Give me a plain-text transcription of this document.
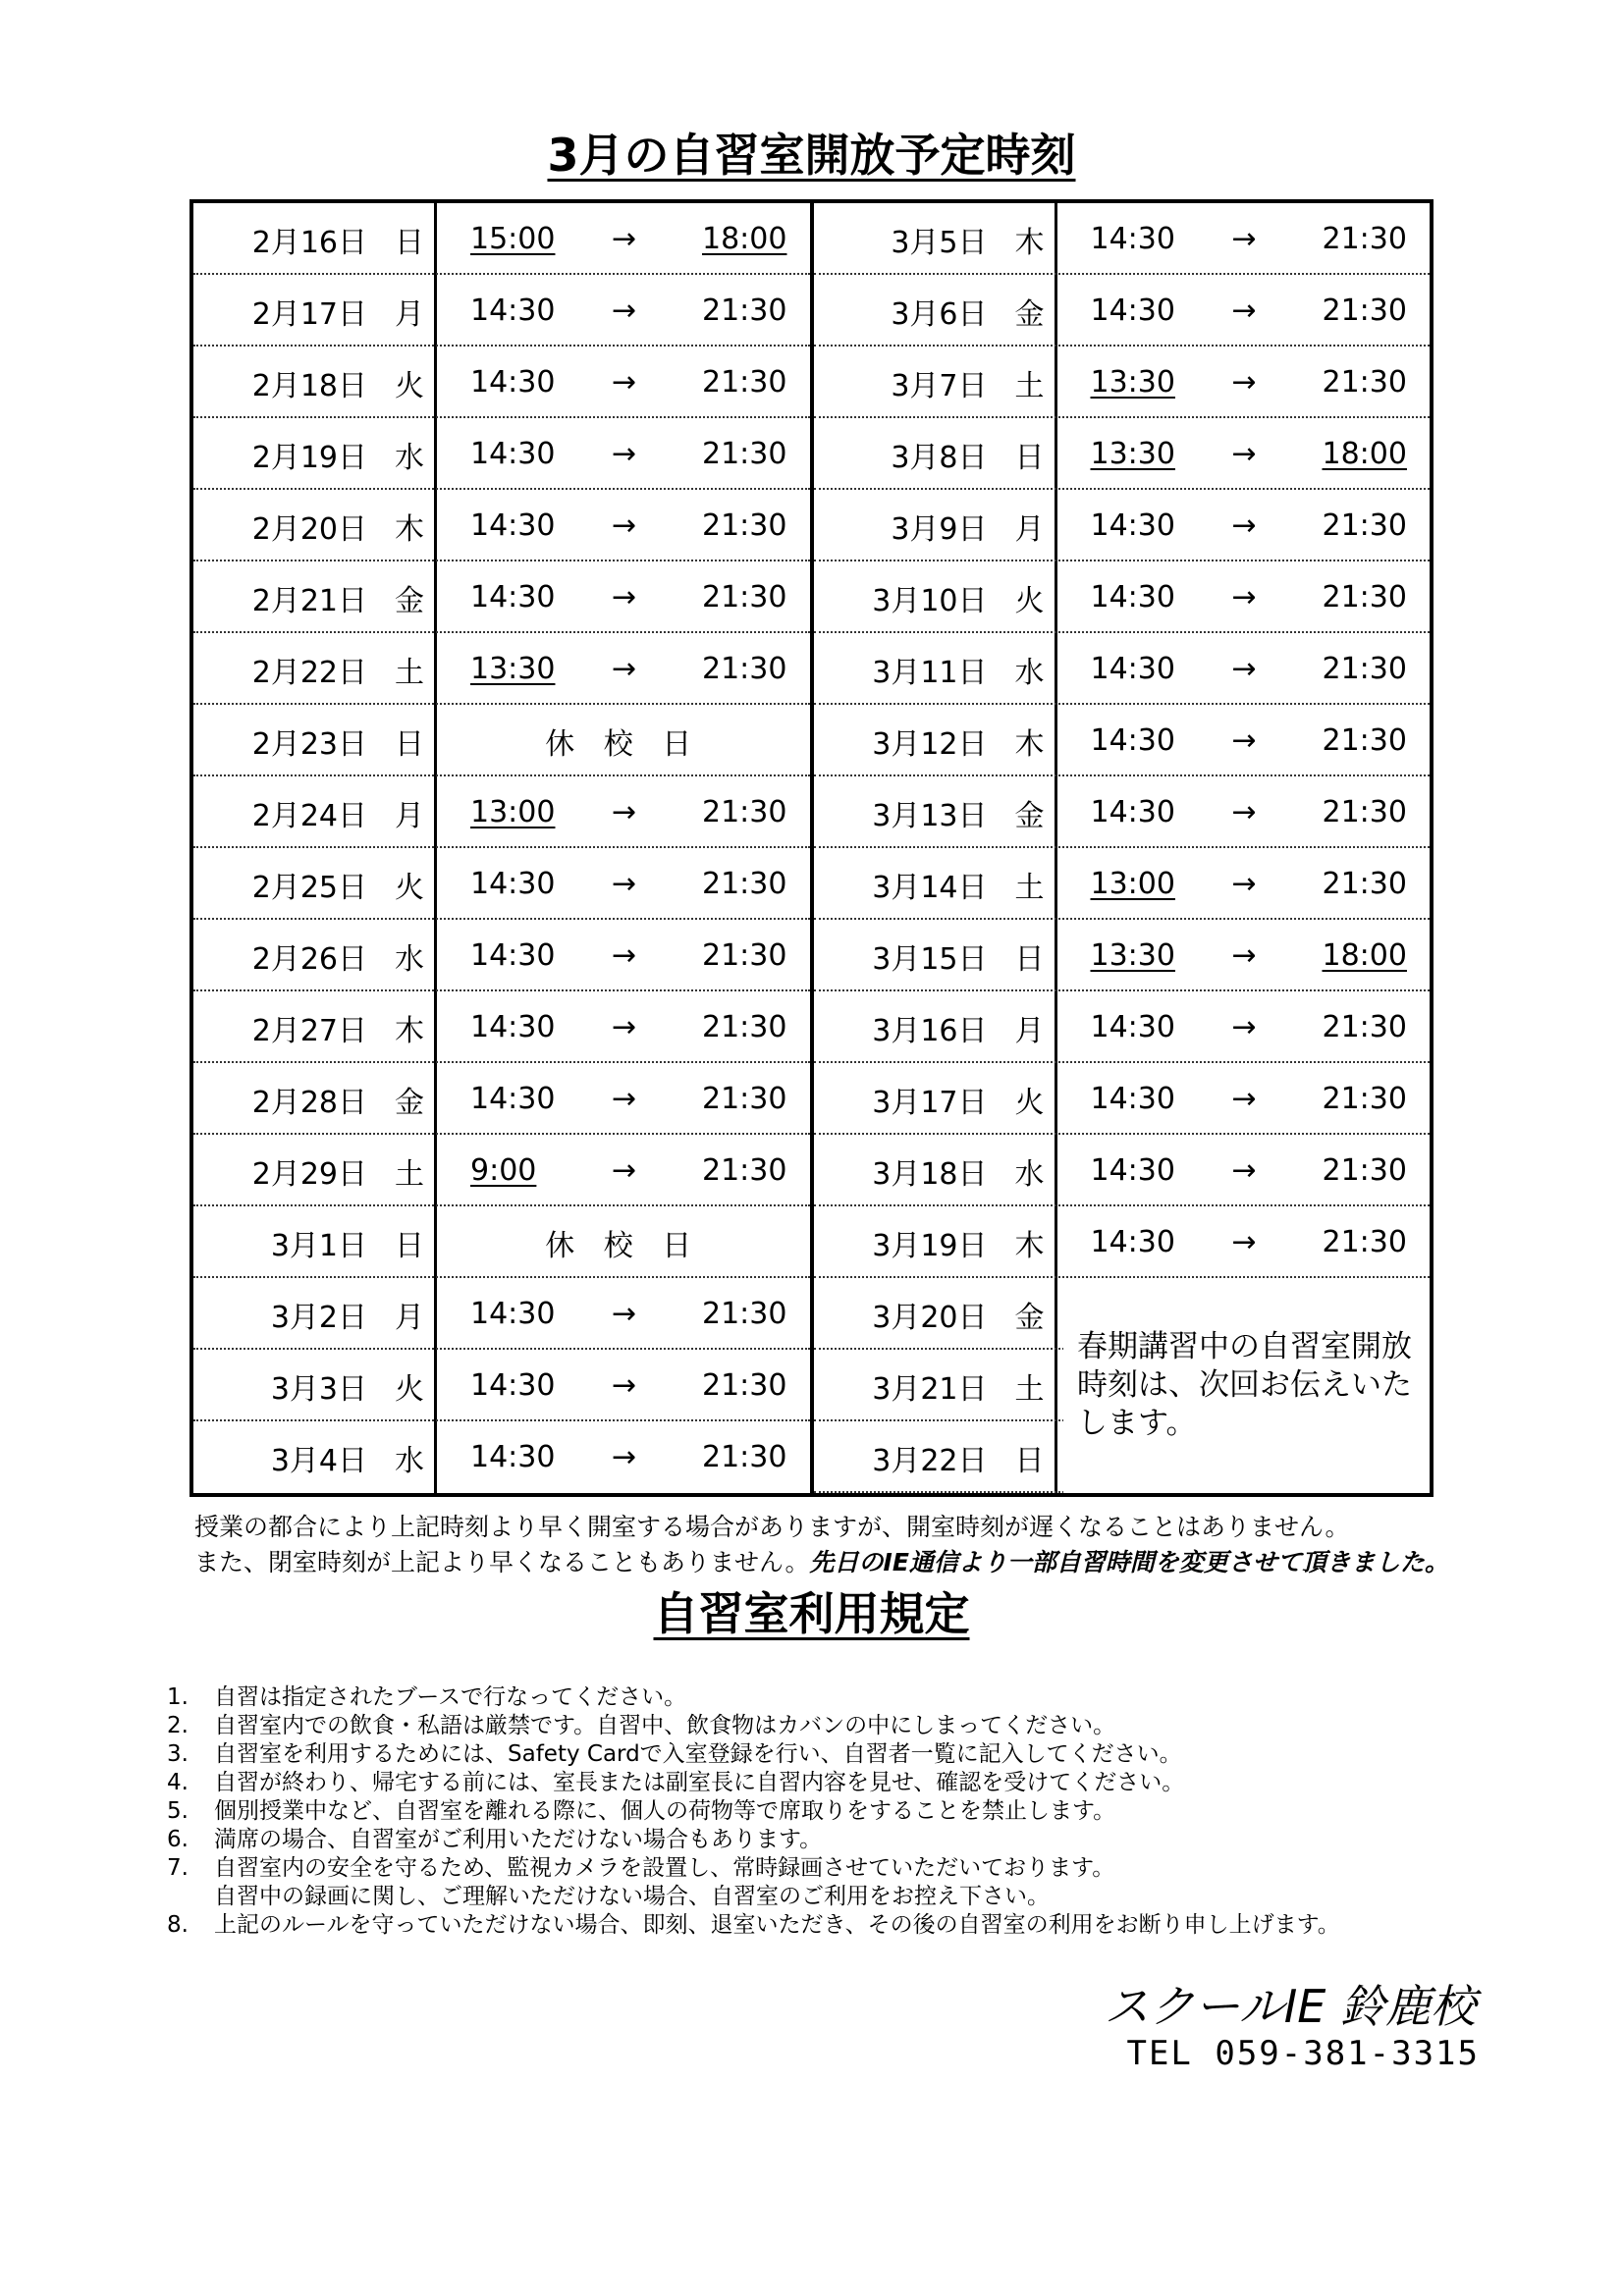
3月の自習室開放予定時刻
2月16日 日 15:00 → 18:00
2月17日 月 14:30 → 21:30
2月18日 火 14:30 → 21:30
2月19日 水 14:30 → 21:30
2月20日 木 14:30 → 21:30
2月21日 金 14:30 → 21:30
2月22日 土 13:30 → 21:30
2月23日 日	休 校 日
2月24日 月 13:00 → 21:30
2月25日 火 14:30 → 21:30
2月26日 水 14:30 → 21:30
2月27日 木 14:30 → 21:30
2月28日 金 14:30 → 21:30
2月29日 土 9:00	→ 21:30
3月1日 日	休 校 日
3月2日 月 14:30 → 21:30
3月3日 火 14:30 → 21:30
3月4日 水 14:30 → 21:30
3月5日 木 14:30 → 21:30
3月6日 金 14:30 → 21:30
3月7日 土 13:30 → 21:30
3月8日 日 13:30 → 18:00
3月9日 月 14:30 → 21:30
3月10日 火 14:30 → 21:30
3月11日 水 14:30 → 21:30
3月12日 木 14:30 → 21:30
3月13日 金 14:30 → 21:30
3月14日 土 13:00 → 21:30
3月15日 日 13:30 → 18:00
3月16日 月 14:30 → 21:30
3月17日 火 14:30 → 21:30
3月18日 水 14:30 → 21:30
3月19日 木 14:30 → 21:30
3月20日 金
3月21日 土
3月22日 日
春期講習中の自習室開放時刻は、次回お伝えいたします。
授業の都合により上記時刻より早く開室する場合がありますが、開室時刻が遅くなることはありません。
また、閉室時刻が上記より早くなることもありません。先日のIE通信より一部自習時間を変更させて頂きました。
自習室利用規定
1.	自習は指定されたブースで行なってください。
2.	自習室内での飲食・私語は厳禁です。自習中、飲食物はカバンの中にしまってください。
3.	自習室を利用するためには、Safety Cardで入室登録を行い、自習者一覧に記入してください。
4.	自習が終わり、帰宅する前には、室長または副室長に自習内容を見せ、確認を受けてください。
5.	個別授業中など、自習室を離れる際に、個人の荷物等で席取りをすることを禁止します。
6.	満席の場合、自習室がご利用いただけない場合もあります。
7.	自習室内の安全を守るため、監視カメラを設置し、常時録画させていただいております。
自習中の録画に関し、ご理解いただけない場合、自習室のご利用をお控え下さい。
8.	上記のルールを守っていただけない場合、即刻、退室いただき、その後の自習室の利用をお断り申し上げます。
スクールIE 鈴鹿校
TEL 059-381-3315
